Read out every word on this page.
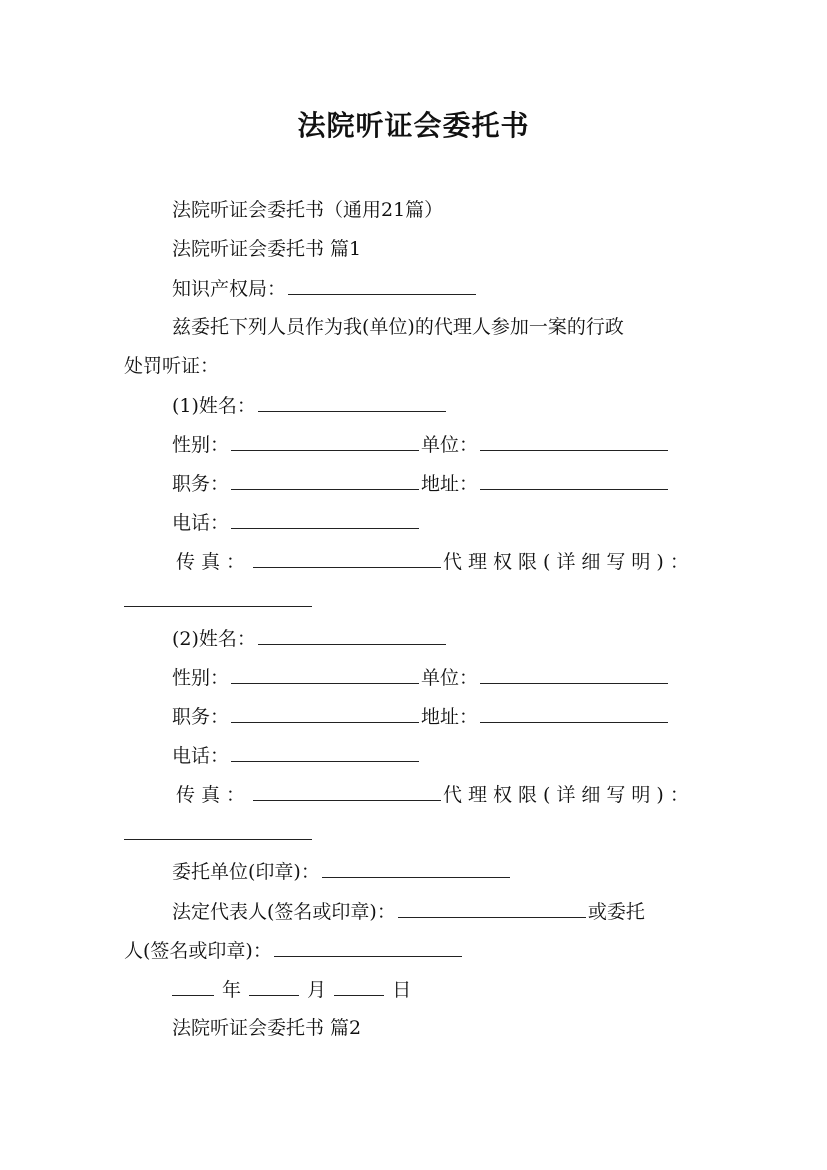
法院听证会委托书
法院听证会委托书（通用21篇）
法院听证会委托书 篇1
知识产权局：
兹委托下列人员作为我(单位)的代理人参加一案的行政
处罚听证：
(1)姓名：
性别：	单位：
职务：	地址：
电话：
传真：	代理权限(详细写明)：
(2)姓名：
性别：	单位：
职务：	地址：
电话：
传真：	代理权限(详细写明)：
委托单位(印章)：
法定代表人(签名或印章)：	或委托
人(签名或印章)：
年	月	日
法院听证会委托书 篇2
